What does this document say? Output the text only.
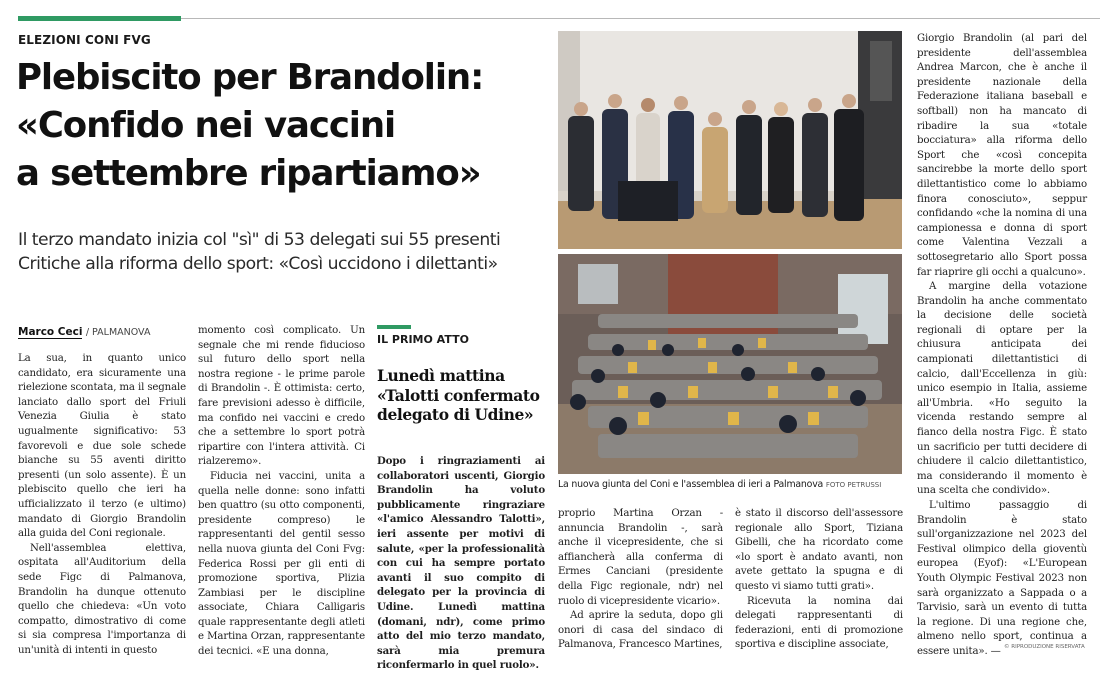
ELEZIONI CONI FVG
Plebiscito per Brandolin:
«Confido nei vaccini
a settembre ripartiamo»
Il terzo mandato inizia col "sì" di 53 delegati sui 55 presenti
Critiche alla riforma dello sport: «Così uccidono i dilettanti»
Marco Ceci / PALMANOVA

La sua, in quanto unico candidato, era sicuramente una rielezione scontata, ma il segnale lanciato dallo sport del Friuli Venezia Giulia è stato ugualmente significativo: 53 favorevoli e due sole schede bianche su 55 aventi diritto presenti (un solo assente). È un plebiscito quello che ieri ha ufficializzato il terzo (e ultimo) mandato di Giorgio Brandolin alla guida del Coni regionale.

Nell'assemblea elettiva, ospitata all'Auditorium della sede Figc di Palmanova, Brandolin ha dunque ottenuto quello che chiedeva: «Un voto compatto, dimostrativo di come si sia compresa l'importanza di un'unità di intenti in questo

momento così complicato. Un segnale che mi rende fiducioso sul futuro dello sport nella nostra regione - le prime parole di Brandolin -. È ottimista: certo, fare previsioni adesso è difficile, ma confido nei vaccini e credo che a settembre lo sport potrà ripartire con l'intera attività. Ci rialzeremo».

Fiducia nei vaccini, unita a quella nelle donne: sono infatti ben quattro (su otto componenti, presidente compreso) le rappresentanti del gentil sesso nella nuova giunta del Coni Fvg: Federica Rossi per gli enti di promozione sportiva, Plizia Zambiasi per le discipline associate, Chiara Calligaris quale rappresentante degli atleti e Martina Orzan, rappresentante dei tecnici. «E una donna,

IL PRIMO ATTO
Lunedì mattina
«Talotti confermato
delegato di Udine»

Dopo i ringraziamenti ai collaboratori uscenti, Giorgio Brandolin ha voluto pubblicamente ringraziare «l'amico Alessandro Talotti», ieri assente per motivi di salute, «per la professionalità con cui ha sempre portato avanti il suo compito di delegato per la provincia di Udine. Lunedì mattina (domani, ndr), come primo atto del mio terzo mandato, sarà mia premura riconfermarlo in quel ruolo».

La nuova giunta del Coni e l'assemblea di ieri a Palmanova FOTO PETRUSSI

proprio Martina Orzan - annuncia Brandolin -, sarà anche il vicepresidente, che si affiancherà alla conferma di Ermes Canciani (presidente della Figc regionale, ndr) nel ruolo di vicepresidente vicario».

Ad aprire la seduta, dopo gli onori di casa del sindaco di Palmanova, Francesco Martines,

è stato il discorso dell'assessore regionale allo Sport, Tiziana Gibelli, che ha ricordato come «lo sport è andato avanti, non avete gettato la spugna e di questo vi siamo tutti grati».

Ricevuta la nomina dai delegati rappresentanti di federazioni, enti di promozione sportiva e discipline associate,

Giorgio Brandolin (al pari del presidente dell'assemblea Andrea Marcon, che è anche il presidente nazionale della Federazione italiana baseball e softball) non ha mancato di ribadire la sua «totale bocciatura» alla riforma dello Sport che «così concepita sancirebbe la morte dello sport dilettantistico come lo abbiamo finora conosciuto», seppur confidando «che la nomina di una campionessa e donna di sport come Valentina Vezzali a sottosegretario allo Sport possa far riaprire gli occhi a qualcuno».

A margine della votazione Brandolin ha anche commentato la decisione delle società regionali di optare per la chiusura anticipata dei campionati dilettantistici di calcio, dall'Eccellenza in giù: unico esempio in Italia, assieme all'Umbria. «Ho seguito la vicenda restando sempre al fianco della nostra Figc. È stato un sacrificio per tutti decidere di chiudere il calcio dilettantistico, ma considerando il momento è una scelta che condivido».

L'ultimo passaggio di Brandolin è stato sull'organizzazione nel 2023 del Festival olimpico della gioventù europea (Eyof): «L'European Youth Olympic Festival 2023 non sarà organizzato a Sappada o a Tarvisio, sarà un evento di tutta la regione. Di una regione che, almeno nello sport, continua a essere unita». — © RIPRODUZIONE RISERVATA
